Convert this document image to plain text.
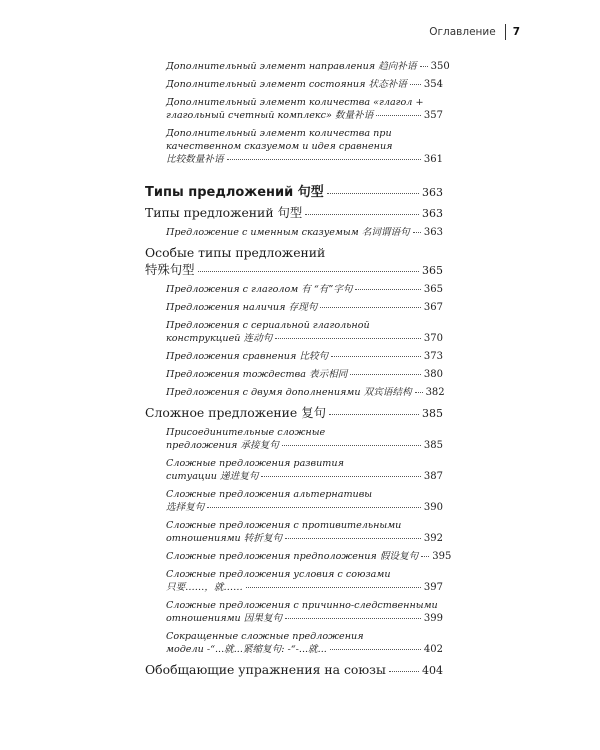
Оглавление 7
Дополнительный элемент направления 趋向补语 350
Дополнительный элемент состояния 状态补语 354
Дополнительный элемент количества «глагол +
глагольный счетный комплекс» 数量补语	357
Дополнительный элемент количества при
качественном сказуемом и идея сравнения
比较数量补语	361
Типы предложений 句型	363
Типы предложений 句型	363
Предложение с именным сказуемым 名词谓语句 363
Особые типы предложений
特殊句型	365
Предложения с глаголом 有 “有”字句	365
Предложения наличия 存现句	367
Предложения с сериальной глагольной
конструкцией 连动句	370
Предложения сравнения 比较句	373
Предложения тождества 表示相同	380
Предложения с двумя дополнениями 双宾语结构 382
Сложное предложение 复句	385
Присоединительные сложные
предложения 承接复句	385
Сложные предложения развития
ситуации 递进复句	387
Сложные предложения альтернативы
选择复句	390
Сложные предложения с противительными
отношениями 转折复句	392
Сложные предложения предположения 假设复句 395
Сложные предложения условия с союзами
只要……，就……	397
Сложные предложения с причинно-следственными
отношениями 因果复句	399
Сокращенные сложные предложения
модели -“...就...紧缩复句: -“-...就...	402
Обобщающие упражнения на союзы	404
